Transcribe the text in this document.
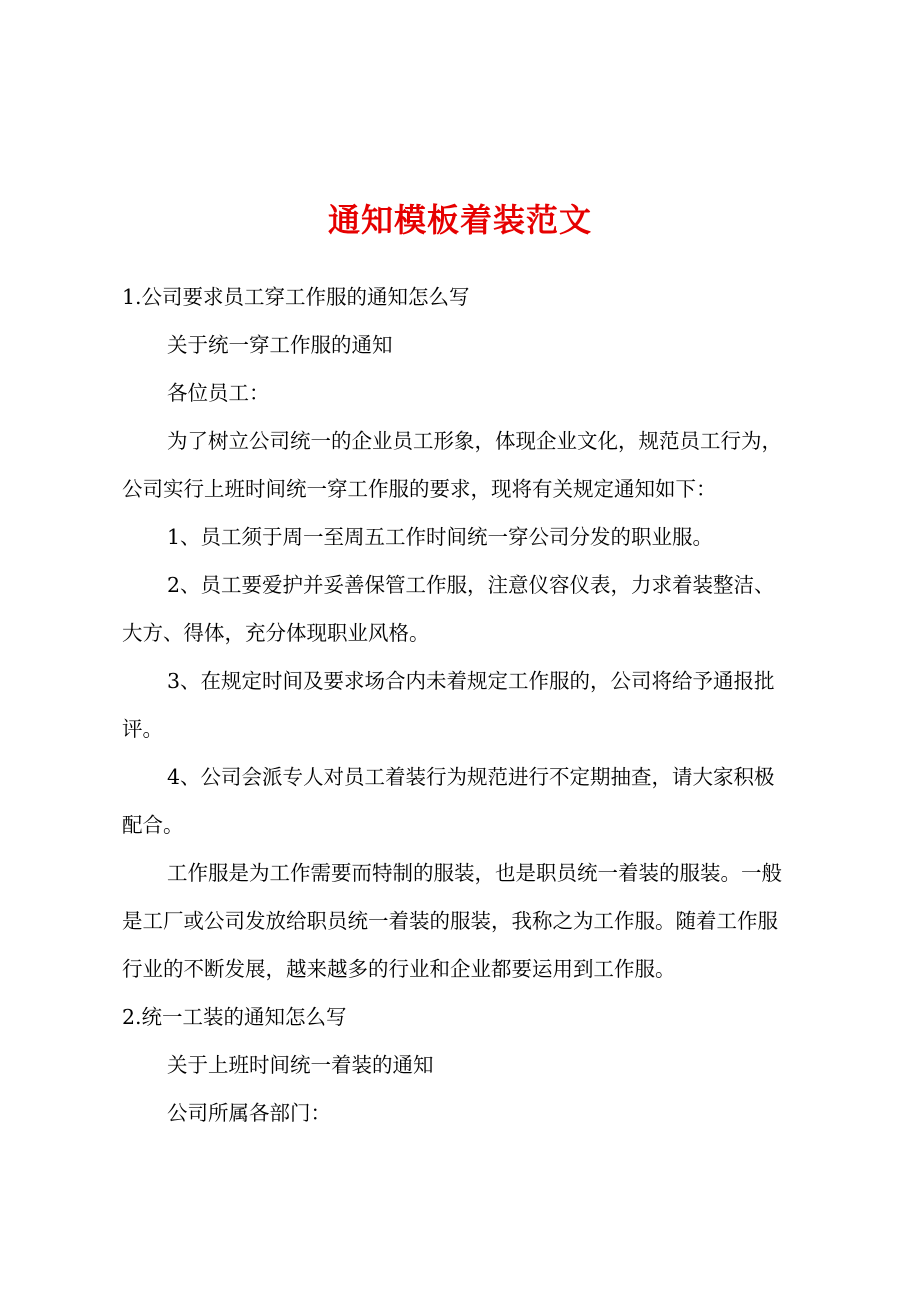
通知模板着装范文
1.公司要求员工穿工作服的通知怎么写
关于统一穿工作服的通知
各位员工：
为了树立公司统一的企业员工形象，体现企业文化，规范员工行为，
公司实行上班时间统一穿工作服的要求，现将有关规定通知如下：
1、员工须于周一至周五工作时间统一穿公司分发的职业服。
2、员工要爱护并妥善保管工作服，注意仪容仪表，力求着装整洁、
大方、得体，充分体现职业风格。
3、在规定时间及要求场合内未着规定工作服的，公司将给予通报批
评。
4、公司会派专人对员工着装行为规范进行不定期抽查，请大家积极
配合。
工作服是为工作需要而特制的服装，也是职员统一着装的服装。一般
是工厂或公司发放给职员统一着装的服装，我称之为工作服。随着工作服
行业的不断发展，越来越多的行业和企业都要运用到工作服。
2.统一工装的通知怎么写
关于上班时间统一着装的通知
公司所属各部门：
